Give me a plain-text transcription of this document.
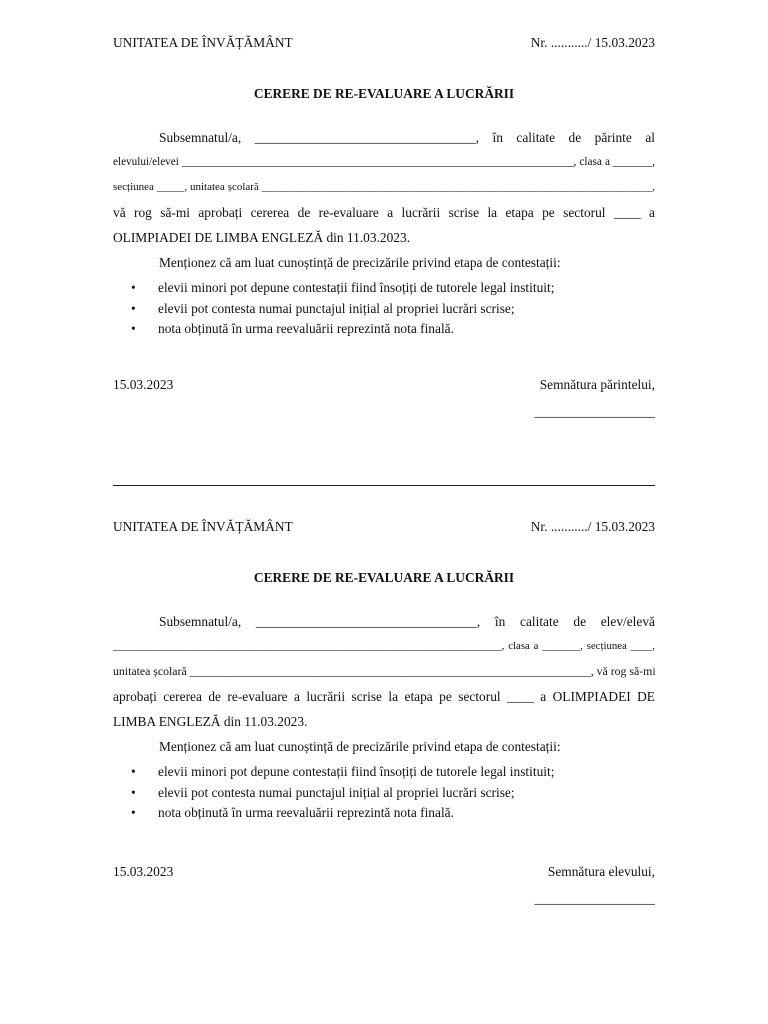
UNITATEA DE ÎNVĂȚĂMÂNT	Nr. .........../ 15.03.2023
CERERE DE RE-EVALUARE A LUCRĂRII

Subsemnatul/a, _________________________________, în calitate de părinte al

elevului/elevei ______________________________________________________________________, clasa a _______,

secțiunea _____, unitatea școlară _______________________________________________________________________,

vă rog să-mi aprobați cererea de re-evaluare a lucrării scrise la etapa pe sectorul ____ a

OLIMPIADEI DE LIMBA ENGLEZĂ din 11.03.2023.

Menționez că am luat cunoștință de precizările privind etapa de contestații:

• elevii minori pot depune contestații fiind însoțiți de tutorele legal instituit;
• elevii pot contesta numai punctajul inițial al propriei lucrări scrise;
• nota obținută în urma reevaluării reprezintă nota finală.
15.03.2023	Semnătura părintelui,
__________________
UNITATEA DE ÎNVĂȚĂMÂNT	Nr. .........../ 15.03.2023
CERERE DE RE-EVALUARE A LUCRĂRII

Subsemnatul/a, _________________________________, în calitate de elev/elevă

________________________________________________________________________, clasa a _______, secțiunea ____,

unitatea școlară ____________________________________________________________________, vă rog să-mi

aprobați cererea de re-evaluare a lucrării scrise la etapa pe sectorul ____ a OLIMPIADEI DE

LIMBA ENGLEZĂ din 11.03.2023.

Menționez că am luat cunoștință de precizările privind etapa de contestații:

• elevii minori pot depune contestații fiind însoțiți de tutorele legal instituit;
• elevii pot contesta numai punctajul inițial al propriei lucrări scrise;
• nota obținută în urma reevaluării reprezintă nota finală.
15.03.2023	Semnătura elevului,
__________________
